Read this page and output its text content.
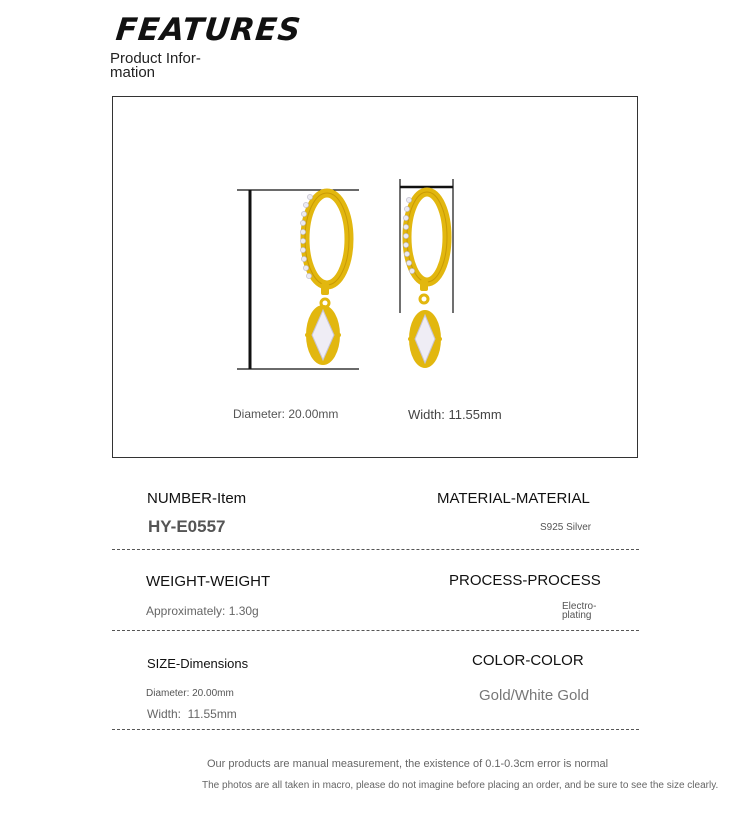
FEATURES
Product Infor-
mation
Diameter: 20.00mm	Width: 11.55mm
NUMBER-Item
HY-E0557
MATERIAL-MATERIAL
S925 Silver
WEIGHT-WEIGHT
Approximately: 1.30g
PROCESS-PROCESS
Electro-
plating
SIZE-Dimensions
Diameter: 20.00mm
Width:  11.55mm
COLOR-COLOR
Gold/White Gold
Our products are manual measurement, the existence of 0.1-0.3cm error is normal
The photos are all taken in macro, please do not imagine before placing an order, and be sure to see the size clearly.
